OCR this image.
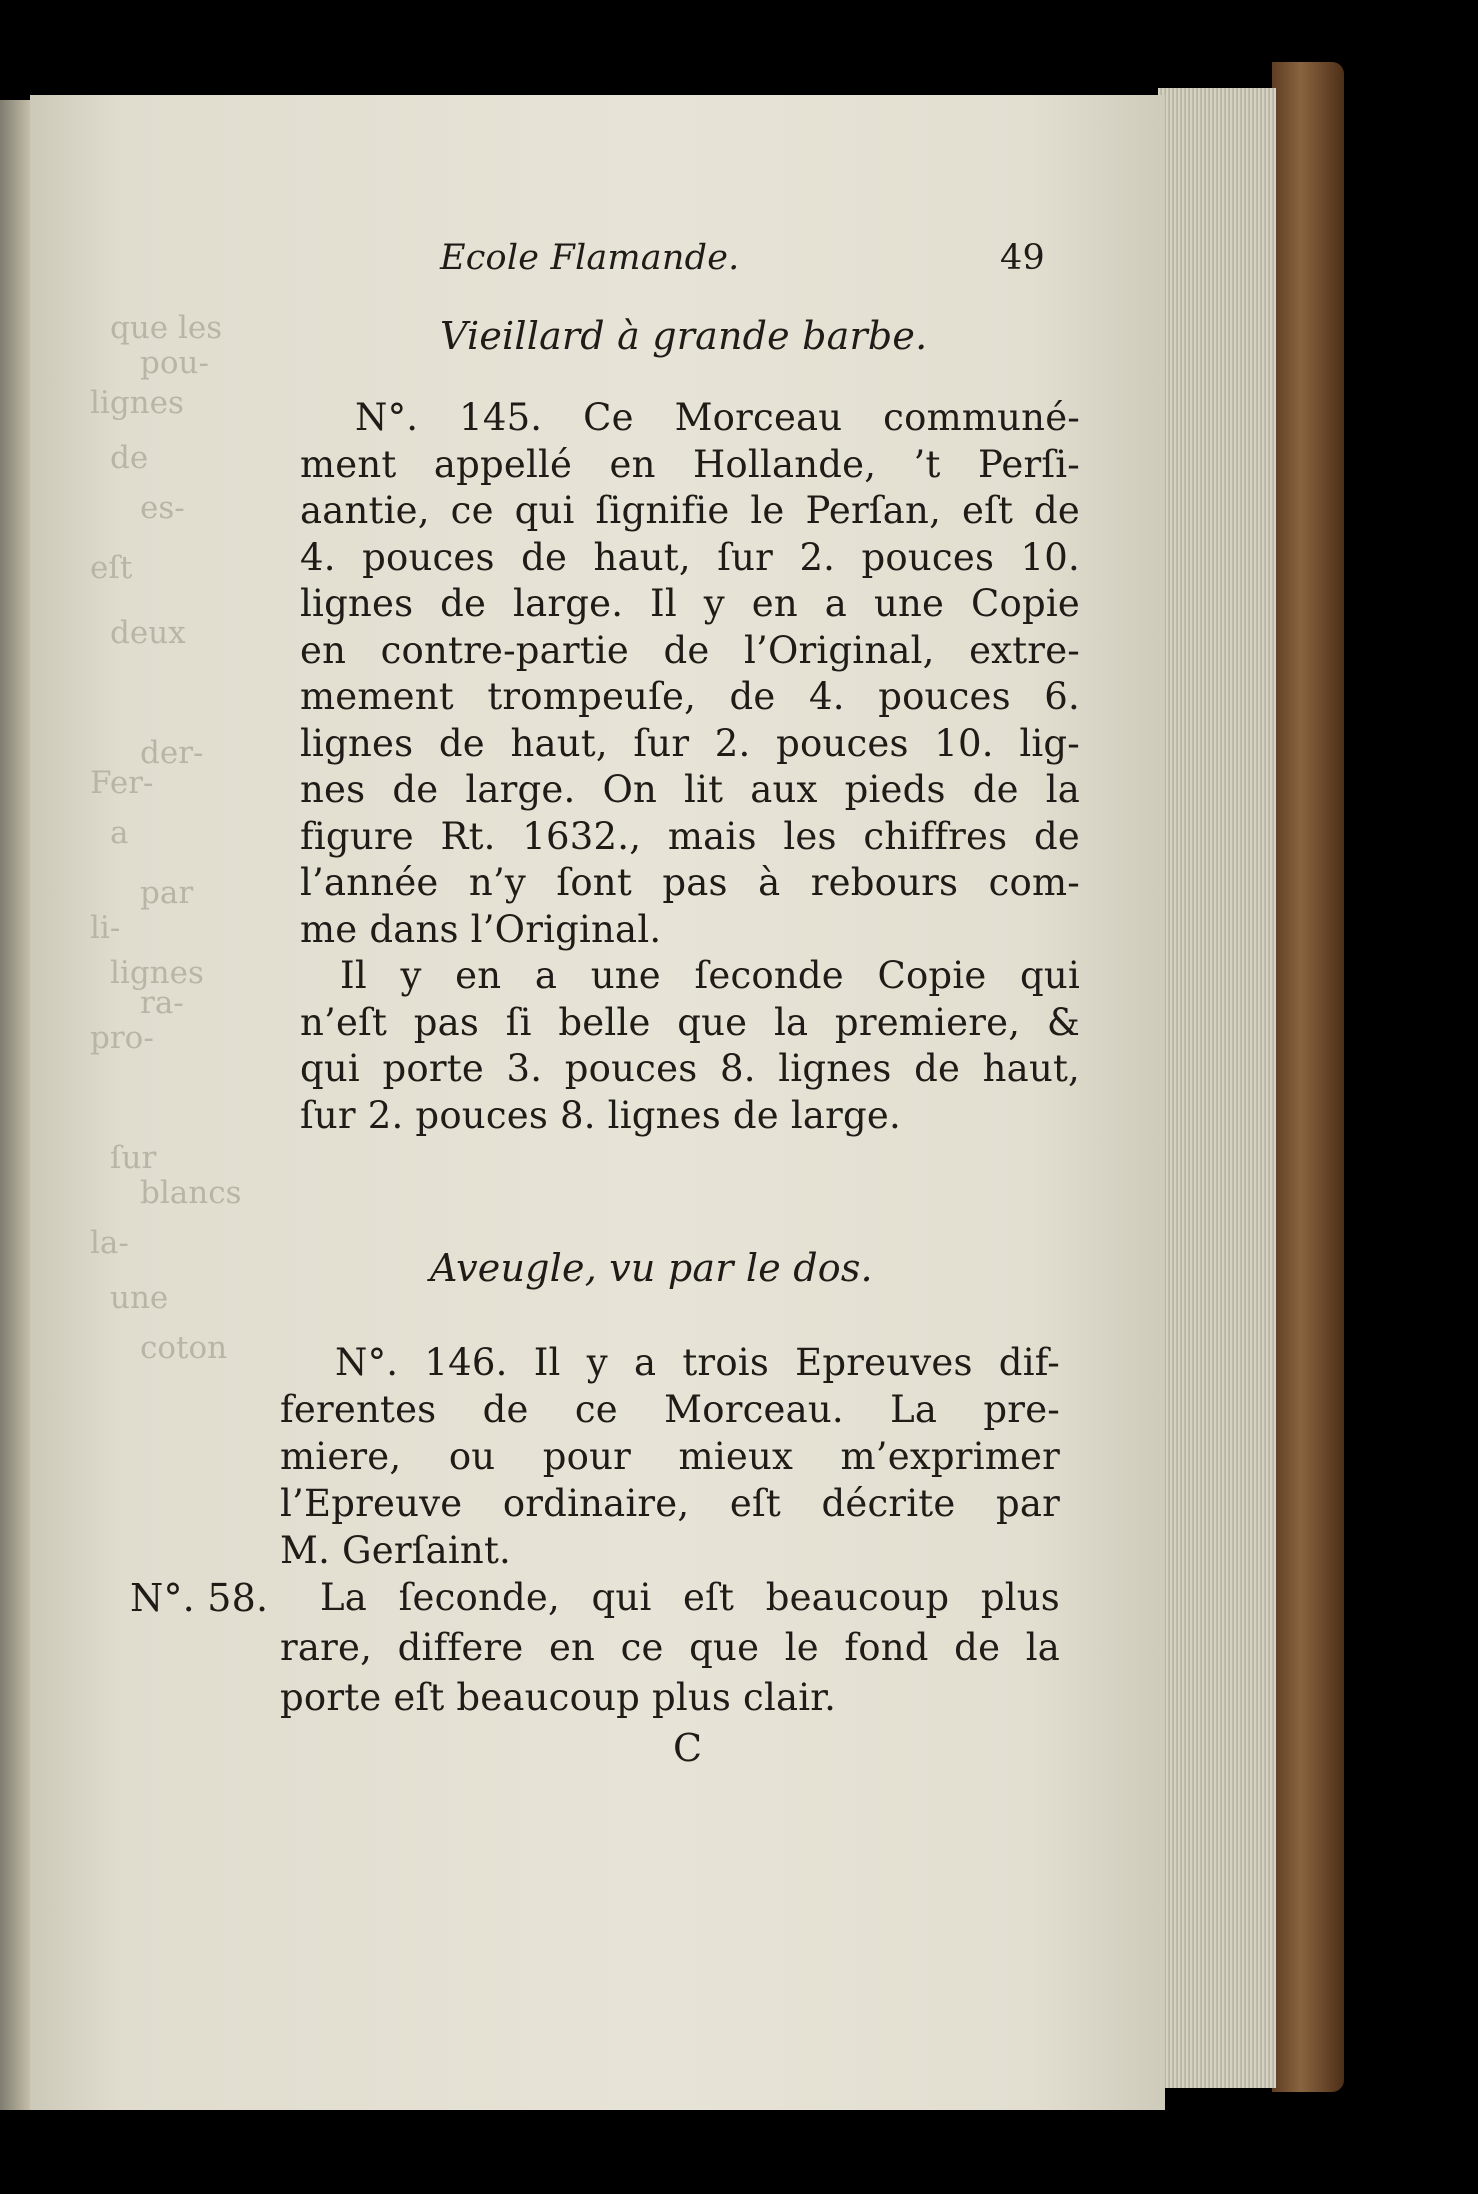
que les
pou-
lignes
de
es-
eſt
deux
der-
Fer-
a
par
li-
lignes
ra-
pro-
ſur
blancs
la-
une
coton
Ecole Flamande.	49
Vieillard à grande barbe.
N°. 145. Ce Morceau communé-
ment appellé en Hollande, ’t Perſi-
aantie, ce qui ſignifie le Perſan, eſt de
4. pouces de haut, ſur 2. pouces 10.
lignes de large. Il y en a une Copie
en contre-partie de l’Original, extre-
mement trompeuſe, de 4. pouces 6.
lignes de haut, ſur 2. pouces 10. lig-
nes de large. On lit aux pieds de la
figure Rt. 1632., mais les chiffres de
l’année n’y ſont pas à rebours com-
me dans l’Original.
Il y en a une ſeconde Copie qui
n’eſt pas ſi belle que la premiere, &
qui porte 3. pouces 8. lignes de haut,
ſur 2. pouces 8. lignes de large.
Aveugle, vu par le dos.
N°. 146. Il y a trois Epreuves dif-
ferentes de ce Morceau. La pre-
miere, ou pour mieux m’exprimer
l’Epreuve ordinaire, eſt décrite par
M. Gerſaint.
N°. 58. La ſeconde, qui eſt beaucoup plus
rare, differe en ce que le fond de la
porte eſt beaucoup plus clair.
C
